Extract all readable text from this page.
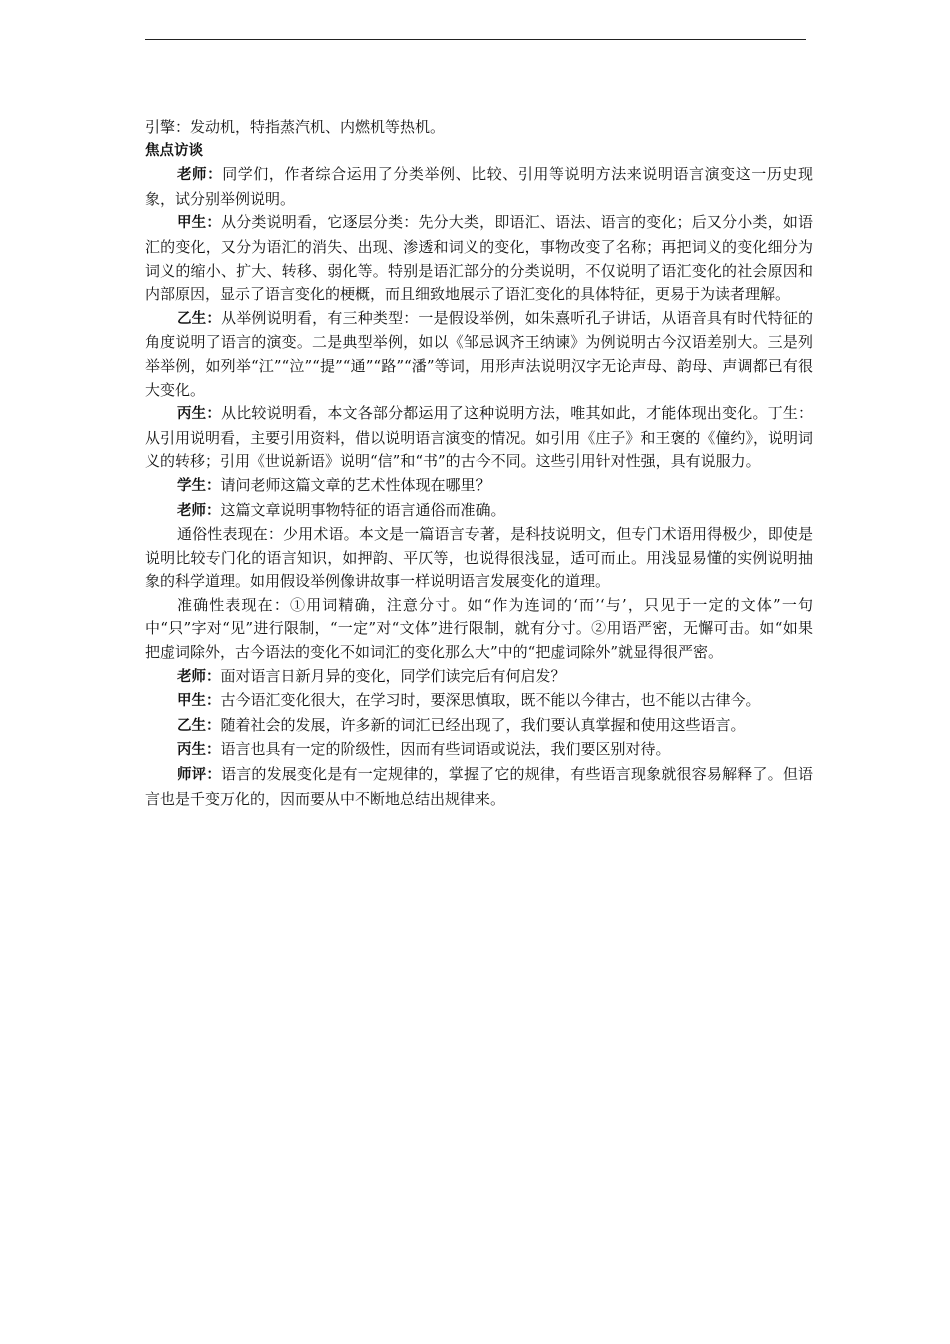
引擎：发动机，特指蒸汽机、内燃机等热机。

焦点访谈

老师：同学们，作者综合运用了分类举例、比较、引用等说明方法来说明语言演变这一历史现象，试分别举例说明。

甲生：从分类说明看，它逐层分类：先分大类，即语汇、语法、语言的变化；后又分小类，如语汇的变化，又分为语汇的消失、出现、渗透和词义的变化，事物改变了名称；再把词义的变化细分为词义的缩小、扩大、转移、弱化等。特别是语汇部分的分类说明，不仅说明了语汇变化的社会原因和内部原因，显示了语言变化的梗概，而且细致地展示了语汇变化的具体特征，更易于为读者理解。

乙生：从举例说明看，有三种类型：一是假设举例，如朱熹听孔子讲话，从语音具有时代特征的角度说明了语言的演变。二是典型举例，如以《邹忌讽齐王纳谏》为例说明古今汉语差别大。三是列举举例，如列举“江”“泣”“提”“通”“路”“潘”等词，用形声法说明汉字无论声母、韵母、声调都已有很大变化。

丙生：从比较说明看，本文各部分都运用了这种说明方法，唯其如此，才能体现出变化。丁生：从引用说明看，主要引用资料，借以说明语言演变的情况。如引用《庄子》和王褒的《僮约》，说明词义的转移；引用《世说新语》说明“信”和“书”的古今不同。这些引用针对性强，具有说服力。

学生：请问老师这篇文章的艺术性体现在哪里？

老师：这篇文章说明事物特征的语言通俗而准确。

通俗性表现在：少用术语。本文是一篇语言专著，是科技说明文，但专门术语用得极少，即使是说明比较专门化的语言知识，如押韵、平仄等，也说得很浅显，适可而止。用浅显易懂的实例说明抽象的科学道理。如用假设举例像讲故事一样说明语言发展变化的道理。

准确性表现在：①用词精确，注意分寸。如“作为连词的‘而’‘与’，只见于一定的文体”一句中“只”字对“见”进行限制，“一定”对“文体”进行限制，就有分寸。②用语严密，无懈可击。如“如果把虚词除外，古今语法的变化不如词汇的变化那么大”中的“把虚词除外”就显得很严密。

老师：面对语言日新月异的变化，同学们读完后有何启发？

甲生：古今语汇变化很大，在学习时，要深思慎取，既不能以今律古，也不能以古律今。

乙生：随着社会的发展，许多新的词汇已经出现了，我们要认真掌握和使用这些语言。

丙生：语言也具有一定的阶级性，因而有些词语或说法，我们要区别对待。

师评：语言的发展变化是有一定规律的，掌握了它的规律，有些语言现象就很容易解释了。但语言也是千变万化的，因而要从中不断地总结出规律来。
